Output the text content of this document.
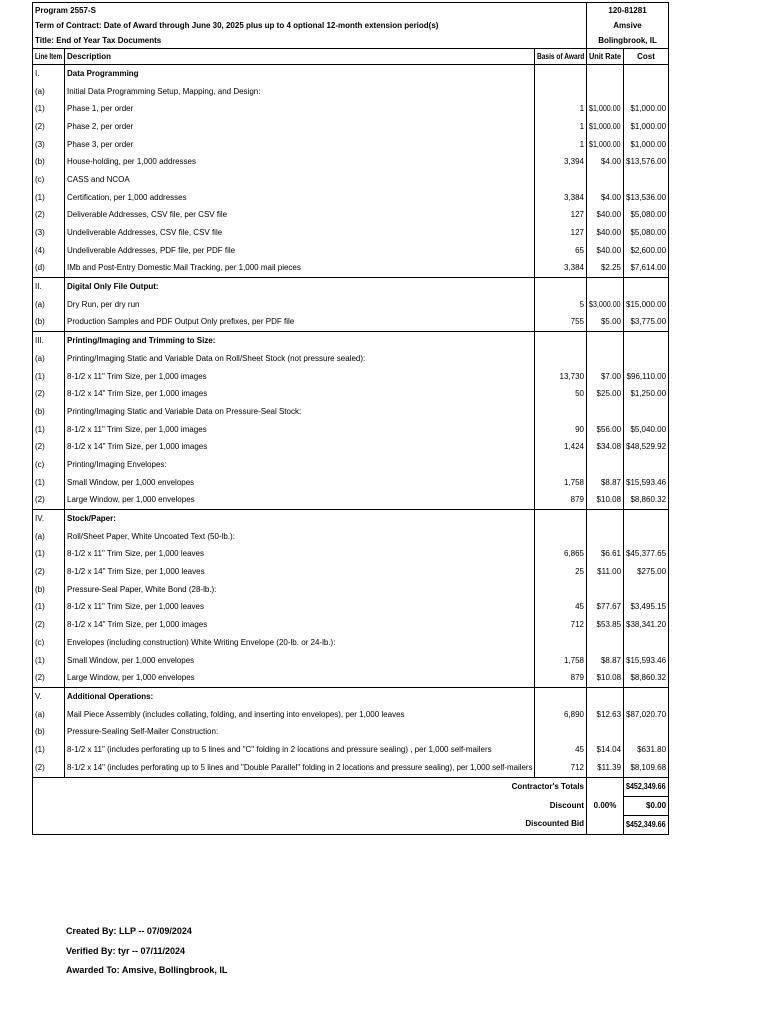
Program 2557-S			120-81281	
Term of Contract: Date of Award through June 30, 2025 plus up to 4 optional 12-month extension period(s)			Amsive	
Title: End of Year Tax Documents			Bolingbrook, IL	
Line Item	Description	Basis of Award	Unit Rate	Cost
I.	Data Programming			
(a)	Initial Data Programming Setup, Mapping, and Design:			
(1)	Phase 1, per order	1	$1,000.00	$1,000.00
(2)	Phase 2, per order	1	$1,000.00	$1,000.00
(3)	Phase 3, per order	1	$1,000.00	$1,000.00
(b)	House-holding, per 1,000 addresses	3,394	$4.00	$13,576.00
(c)	CASS and NCOA			
(1)	Certification, per 1,000 addresses	3,384	$4.00	$13,536.00
(2)	Deliverable Addresses, CSV file, per CSV file	127	$40.00	$5,080.00
(3)	Undeliverable Addresses, CSV file, CSV file	127	$40.00	$5,080.00
(4)	Undeliverable Addresses, PDF file, per PDF file	65	$40.00	$2,600.00
(d)	IMb and Post-Entry Domestic Mail Tracking, per 1,000 mail pieces	3,384	$2.25	$7,614.00
II.	Digital Only File Output:			
(a)	Dry Run, per dry run	5	$3,000.00	$15,000.00
(b)	Production Samples and PDF Output Only prefixes, per PDF file	755	$5.00	$3,775.00
III.	Printing/Imaging and Trimming to Size:			
(a)	Printing/Imaging Static and Variable Data on Roll/Sheet Stock (not pressure sealed):			
(1)	8-1/2 x 11" Trim Size, per 1,000 images	13,730	$7.00	$96,110.00
(2)	8-1/2 x 14" Trim Size, per 1,000 images	50	$25.00	$1,250.00
(b)	Printing/Imaging Static and Variable Data on Pressure-Seal Stock:			
(1)	8-1/2 x 11" Trim Size, per 1,000 images	90	$56.00	$5,040.00
(2)	8-1/2 x 14" Trim Size, per 1,000 images	1,424	$34.08	$48,529.92
(c)	Printing/Imaging Envelopes:			
(1)	Small Window, per 1,000 envelopes	1,758	$8.87	$15,593.46
(2)	Large Window, per 1,000 envelopes	879	$10.08	$8,860.32
IV.	Stock/Paper:			
(a)	Roll/Sheet Paper, White Uncoated Text (50-lb.):			
(1)	8-1/2 x 11" Trim Size, per 1,000 leaves	6,865	$6.61	$45,377.65
(2)	8-1/2 x 14" Trim Size, per 1,000 leaves	25	$11.00	$275.00
(b)	Pressure-Seal Paper, White Bond (28-lb.):			
(1)	8-1/2 x 11" Trim Size, per 1,000 leaves	45	$77.67	$3,495.15
(2)	8-1/2 x 14" Trim Size, per 1,000 images	712	$53.85	$38,341.20
(c)	Envelopes (including construction) White Writing Envelope (20-lb. or 24-lb.):			
(1)	Small Window, per 1,000 envelopes	1,758	$8.87	$15,593.46
(2)	Large Window, per 1,000 envelopes	879	$10.08	$8,860.32
V.	Additional Operations:			
(a)	Mail Piece Assembly (includes collating, folding, and inserting into envelopes), per 1,000 leaves	6,890	$12.63	$87,020.70
(b)	Pressure-Sealing Self-Mailer Construction:			
(1)	8-1/2 x 11" (includes perforating up to 5 lines and "C" folding in 2 locations and pressure sealing) , per 1,000 self-mailers	45	$14.04	$631.80
(2)	8-1/2 x 14" (includes perforating up to 5 lines and "Double Parallel" folding in 2 locations and pressure sealing), per 1,000 self-mailers	712	$11.39	$8,109.68
Contractor's Totals				$452,349.66
Discount			0.00%	$0.00
Discounted Bid				$452,349.66
Created By: LLP -- 07/09/2024
Verified By: tyr -- 07/11/2024
Awarded To: Amsive, Bollingbrook, IL
